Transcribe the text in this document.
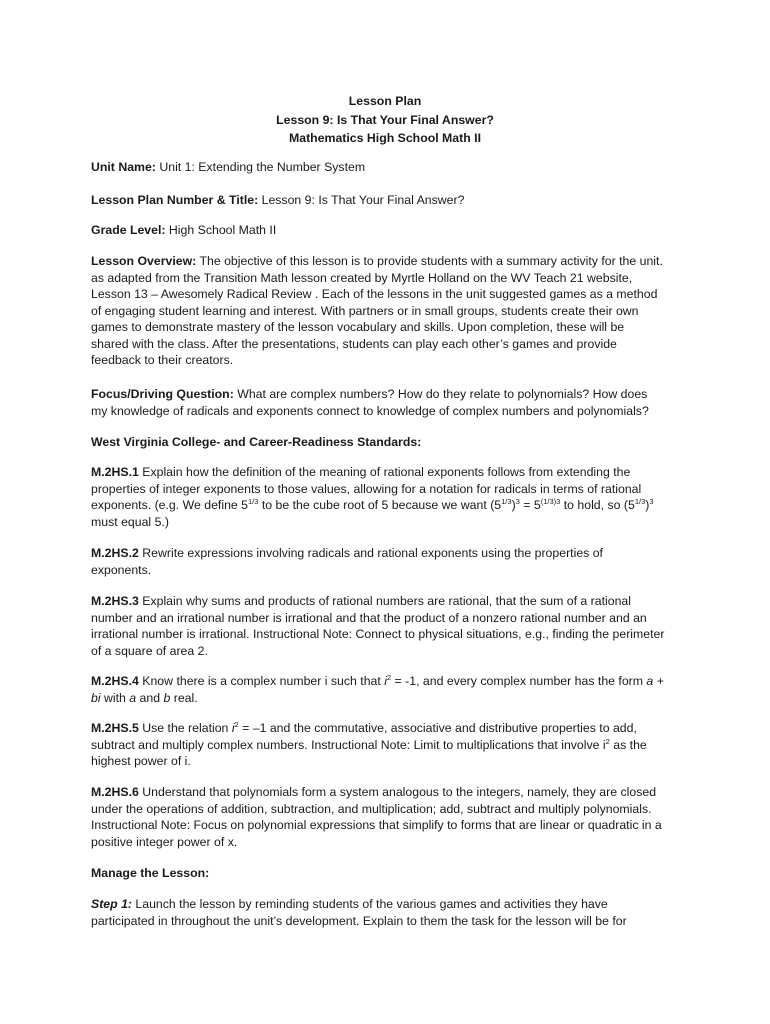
Lesson Plan
Lesson 9: Is That Your Final Answer?
Mathematics High School Math II
Unit Name: Unit 1: Extending the Number System
Lesson Plan Number & Title: Lesson 9: Is That Your Final Answer?
Grade Level: High School Math II

Lesson Overview: The objective of this lesson is to provide students with a summary activity for the unit.

as adapted from the Transition Math lesson created by Myrtle Holland on the WV Teach 21 website,

Lesson 13 – Awesomely Radical Review . Each of the lessons in the unit suggested games as a method

of engaging student learning and interest. With partners or in small groups, students create their own

games to demonstrate mastery of the lesson vocabulary and skills. Upon completion, these will be

shared with the class. After the presentations, students can play each other’s games and provide

feedback to their creators.

Focus/Driving Question: What are complex numbers? How do they relate to polynomials? How does

my knowledge of radicals and exponents connect to knowledge of complex numbers and polynomials?

West Virginia College- and Career-Readiness Standards:

M.2HS.1 Explain how the definition of the meaning of rational exponents follows from extending the

properties of integer exponents to those values, allowing for a notation for radicals in terms of rational

exponents. (e.g. We define $5^{1/3}$ to be the cube root of 5 because we want $(5^{1/3})^3 = 5^{(1/3)3}$ to hold, so $(5^{1/3})^3$

must equal 5.)

M.2HS.2 Rewrite expressions involving radicals and rational exponents using the properties of

exponents.

M.2HS.3 Explain why sums and products of rational numbers are rational, that the sum of a rational

number and an irrational number is irrational and that the product of a nonzero rational number and an

irrational number is irrational. Instructional Note: Connect to physical situations, e.g., finding the perimeter

of a square of area 2.

M.2HS.4 Know there is a complex number i such that $i^2 = -1$, and every complex number has the form a +

bi with a and b real.

M.2HS.5 Use the relation $i^2 = -1$ and the commutative, associative and distributive properties to add,

subtract and multiply complex numbers. Instructional Note: Limit to multiplications that involve $i^2$ as the

highest power of i.

M.2HS.6 Understand that polynomials form a system analogous to the integers, namely, they are closed

under the operations of addition, subtraction, and multiplication; add, subtract and multiply polynomials.

Instructional Note: Focus on polynomial expressions that simplify to forms that are linear or quadratic in a

positive integer power of x.

Manage the Lesson:

Step 1: Launch the lesson by reminding students of the various games and activities they have

participated in throughout the unit’s development. Explain to them the task for the lesson will be for
